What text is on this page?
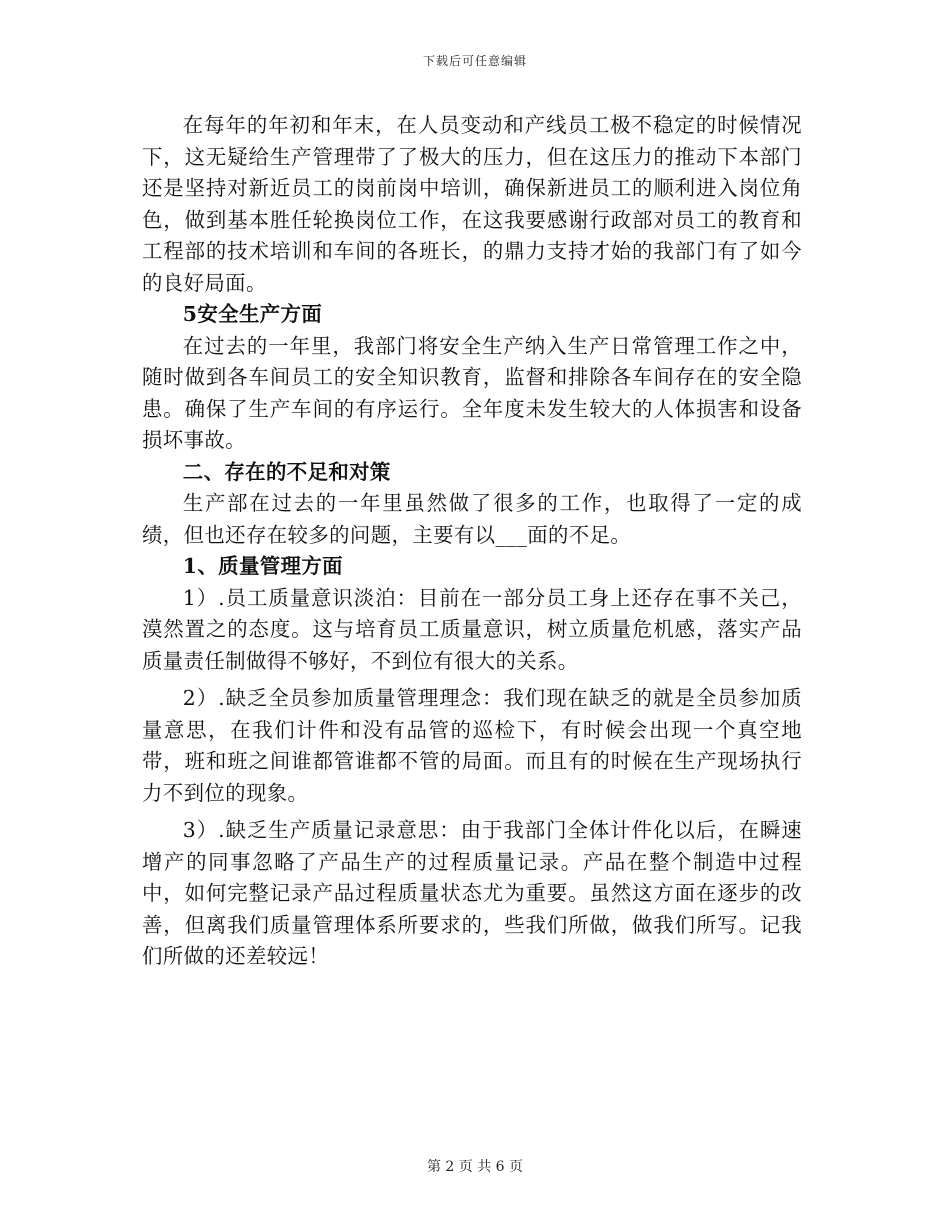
下载后可任意编辑

在每年的年初和年末，在人员变动和产线员工极不稳定的时候情况下，这无疑给生产管理带了了极大的压力，但在这压力的推动下本部门还是坚持对新近员工的岗前岗中培训，确保新进员工的顺利进入岗位角色，做到基本胜任轮换岗位工作，在这我要感谢行政部对员工的教育和工程部的技术培训和车间的各班长，的鼎力支持才始的我部门有了如今的良好局面。

5安全生产方面

在过去的一年里，我部门将安全生产纳入生产日常管理工作之中，随时做到各车间员工的安全知识教育，监督和排除各车间存在的安全隐患。确保了生产车间的有序运行。全年度未发生较大的人体损害和设备损坏事故。

二、存在的不足和对策

生产部在过去的一年里虽然做了很多的工作，也取得了一定的成绩，但也还存在较多的问题，主要有以___面的不足。

1、质量管理方面

1）.员工质量意识淡泊：目前在一部分员工身上还存在事不关己，漠然置之的态度。这与培育员工质量意识，树立质量危机感，落实产品质量责任制做得不够好，不到位有很大的关系。

2）.缺乏全员参加质量管理理念：我们现在缺乏的就是全员参加质量意思，在我们计件和没有品管的巡检下，有时候会出现一个真空地带，班和班之间谁都管谁都不管的局面。而且有的时候在生产现场执行力不到位的现象。

3）.缺乏生产质量记录意思：由于我部门全体计件化以后，在瞬速增产的同事忽略了产品生产的过程质量记录。产品在整个制造中过程中，如何完整记录产品过程质量状态尤为重要。虽然这方面在逐步的改善，但离我们质量管理体系所要求的，些我们所做，做我们所写。记我们所做的还差较远！

第 2 页 共 6 页
